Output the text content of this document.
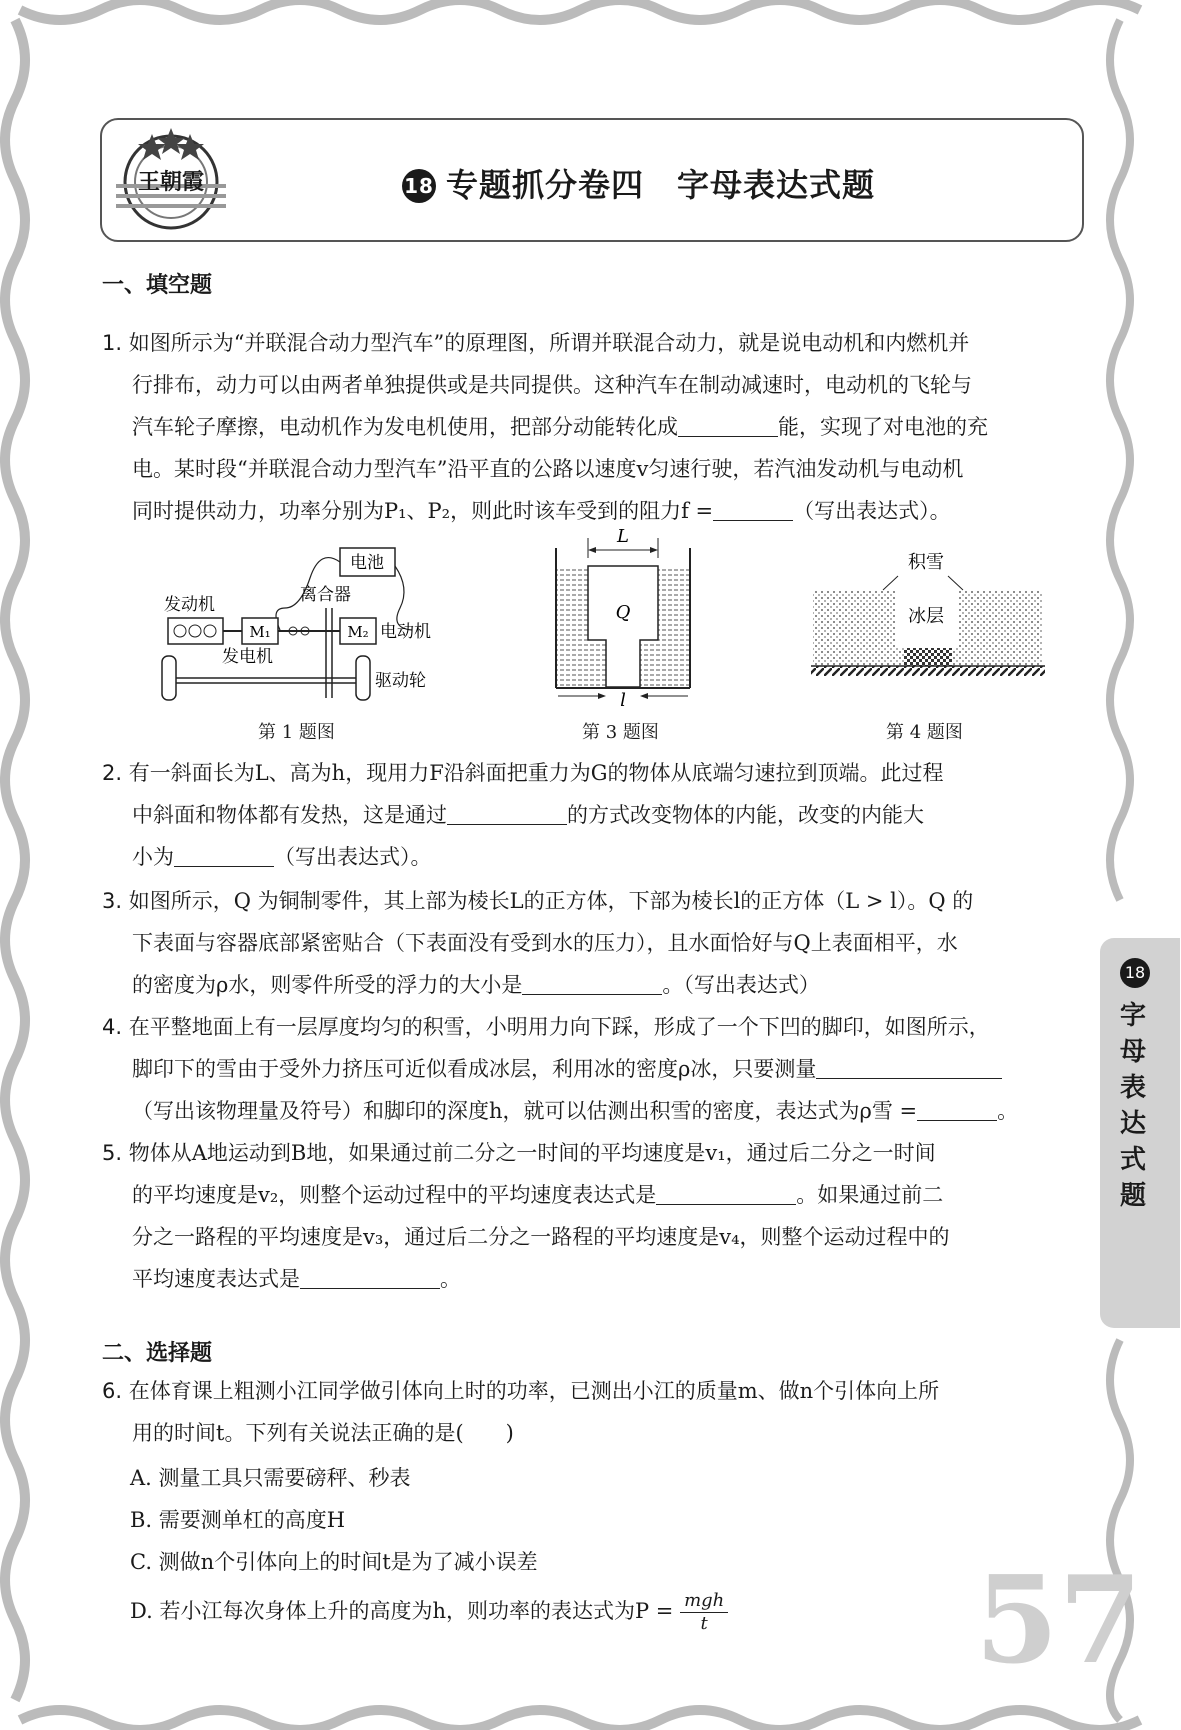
王朝霞	18 专题抓分卷四　字母表达式题
一、填空题
1. 如图所示为“并联混合动力型汽车”的原理图，所谓并联混合动力，就是说电动机和内燃机并
行排布，动力可以由两者单独提供或是共同提供。这种汽车在制动减速时，电动机的飞轮与
汽车轮子摩擦，电动机作为发电机使用，把部分动能转化成	能，实现了对电池的充
电。某时段“并联混合动力型汽车”沿平直的公路以速度v匀速行驶，若汽油发动机与电动机
同时提供动力，功率分别为P₁、P₂，则此时该车受到的阻力f =	（写出表达式）。
电池
离合器
发动机
M₁	M₂ 电动机
发电机
驱动轮
第 1 题图
L
Q
l
第 3 题图
积雪
冰层
第 4 题图
2. 有一斜面长为L、高为h，现用力F沿斜面把重力为G的物体从底端匀速拉到顶端。此过程
中斜面和物体都有发热，这是通过	的方式改变物体的内能，改变的内能大
小为	（写出表达式）。
3. 如图所示，Q 为铜制零件，其上部为棱长L的正方体，下部为棱长l的正方体（L > l）。Q 的
下表面与容器底部紧密贴合（下表面没有受到水的压力），且水面恰好与Q上表面相平，水
的密度为ρ水，则零件所受的浮力的大小是	。（写出表达式）
4. 在平整地面上有一层厚度均匀的积雪，小明用力向下踩，形成了一个下凹的脚印，如图所示，
脚印下的雪由于受外力挤压可近似看成冰层，利用冰的密度ρ冰，只要测量
（写出该物理量及符号）和脚印的深度h，就可以估测出积雪的密度，表达式为ρ雪 =	。
5. 物体从A地运动到B地，如果通过前二分之一时间的平均速度是v₁，通过后二分之一时间
的平均速度是v₂，则整个运动过程中的平均速度表达式是	。如果通过前二
分之一路程的平均速度是v₃，通过后二分之一路程的平均速度是v₄，则整个运动过程中的
平均速度表达式是	。
二、选择题
6. 在体育课上粗测小江同学做引体向上时的功率，已测出小江的质量m、做n个引体向上所
用的时间t。下列有关说法正确的是(　　)
A. 测量工具只需要磅秤、秒表
B. 需要测单杠的高度H
C. 测做n个引体向上的时间t是为了减小误差
D. 若小江每次身体上升的高度为h，则功率的表达式为$P = \frac{\text{mgh}}{t}$
18
字母表达式题
57
